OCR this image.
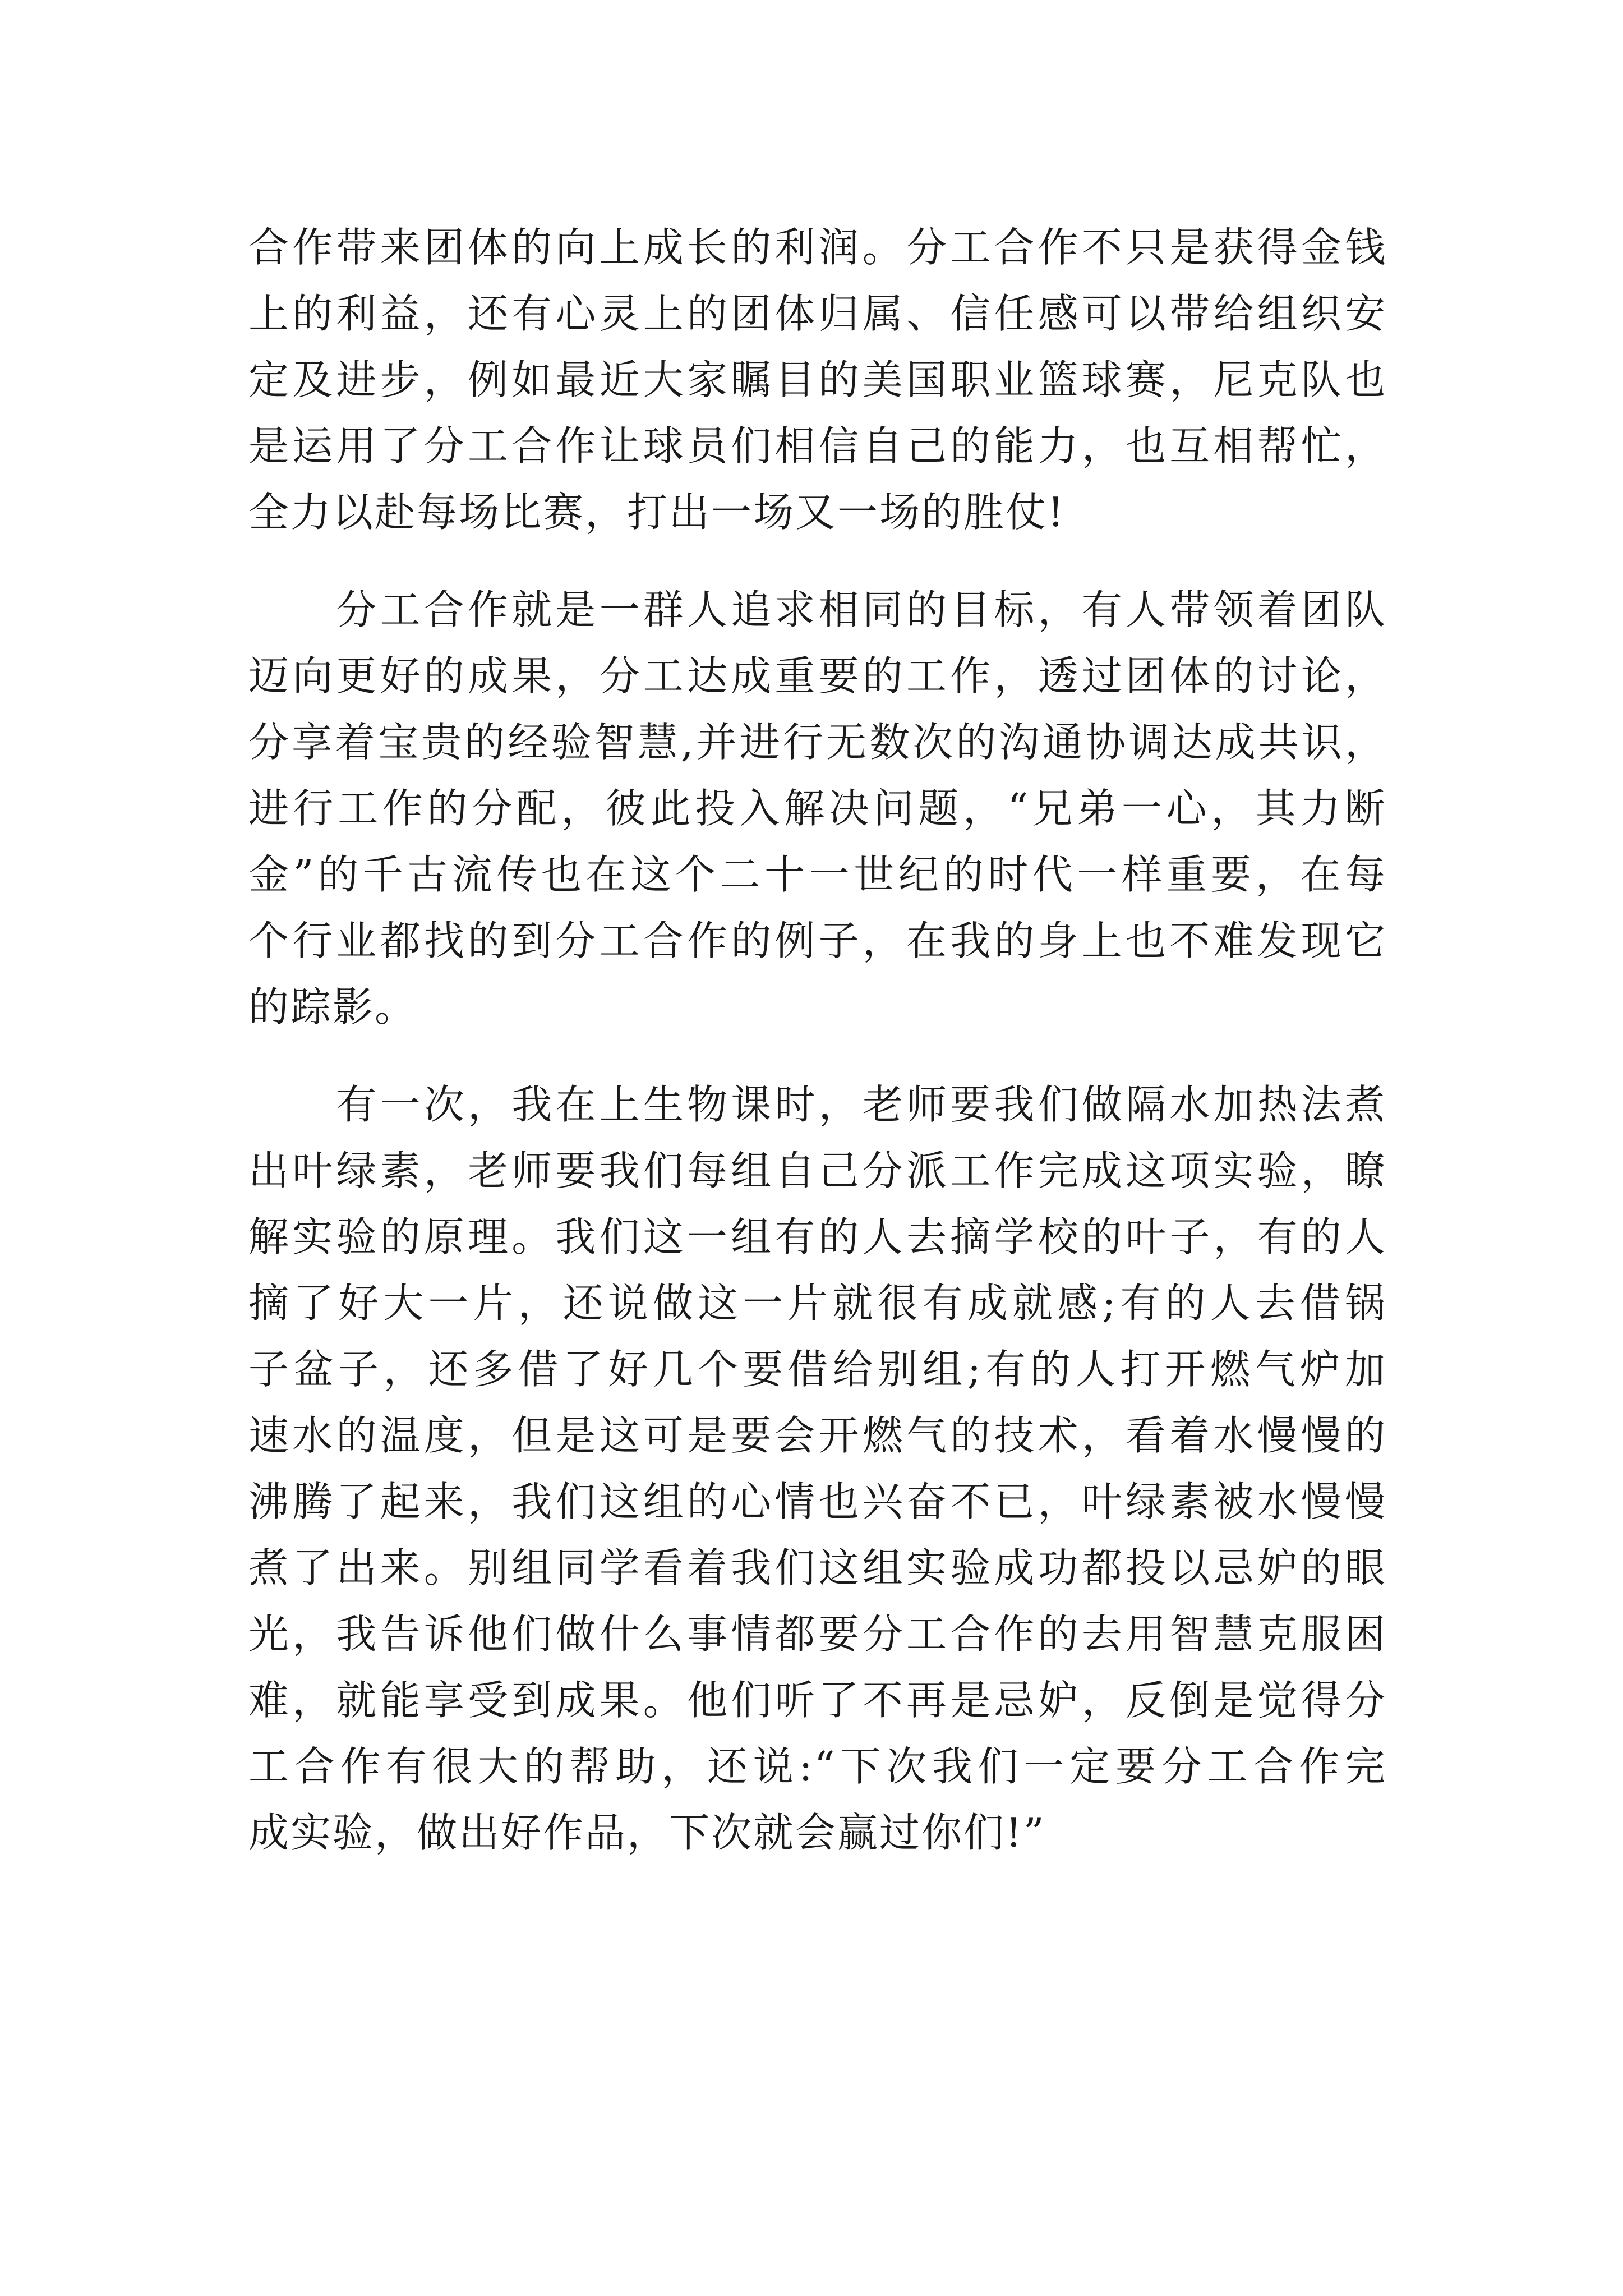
合作带来团体的向上成长的利润。分工合作不只是获得金钱
上的利益，还有心灵上的团体归属、信任感可以带给组织安
定及进步，例如最近大家瞩目的美国职业篮球赛，尼克队也
是运用了分工合作让球员们相信自己的能力，也互相帮忙，
全力以赴每场比赛，打出一场又一场的胜仗!
　　分工合作就是一群人追求相同的目标，有人带领着团队
迈向更好的成果，分工达成重要的工作，透过团体的讨论，
分享着宝贵的经验智慧,并进行无数次的沟通协调达成共识，
进行工作的分配，彼此投入解决问题，“兄弟一心，其力断
金”的千古流传也在这个二十一世纪的时代一样重要，在每
个行业都找的到分工合作的例子，在我的身上也不难发现它
的踪影。
　　有一次，我在上生物课时，老师要我们做隔水加热法煮
出叶绿素，老师要我们每组自己分派工作完成这项实验，瞭
解实验的原理。我们这一组有的人去摘学校的叶子，有的人
摘了好大一片，还说做这一片就很有成就感;有的人去借锅
子盆子，还多借了好几个要借给别组;有的人打开燃气炉加
速水的温度，但是这可是要会开燃气的技术，看着水慢慢的
沸腾了起来，我们这组的心情也兴奋不已，叶绿素被水慢慢
煮了出来。别组同学看着我们这组实验成功都投以忌妒的眼
光，我告诉他们做什么事情都要分工合作的去用智慧克服困
难，就能享受到成果。他们听了不再是忌妒，反倒是觉得分
工合作有很大的帮助，还说:“下次我们一定要分工合作完
成实验，做出好作品，下次就会赢过你们!”
